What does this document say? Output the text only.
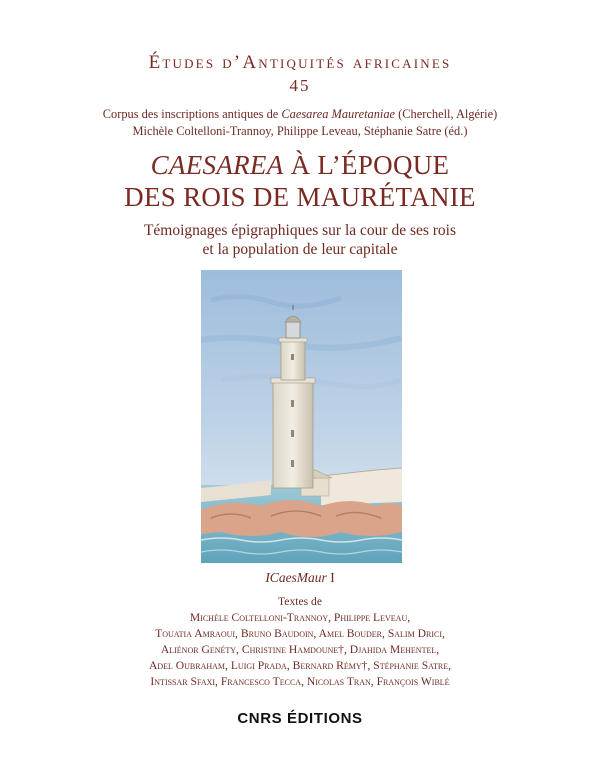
Études d’Antiquités africaines
45
Corpus des inscriptions antiques de Caesarea Mauretaniae (Cherchell, Algérie)
Michèle Coltelloni-Trannoy, Philippe Leveau, Stéphanie Satre (éd.)
CAESAREA À L’ÉPOQUE
DES ROIS DE MAURÉTANIE
Témoignages épigraphiques sur la cour de ses rois
et la population de leur capitale
ICaesMaur I
Textes de
Michèle Coltelloni-Trannoy, Philippe Leveau,
Touatia Amraoui, Bruno Baudoin, Amel Bouder, Salim Drici,
Aliénor Genéty, Christine Hamdoune†, Djahida Mehentel,
Adel Oubraham, Luigi Prada, Bernard Rémy†, Stéphanie Satre,
Intissar Sfaxi, Francesco Tecca, Nicolas Tran, François Wiblé
CNRS ÉDITIONS
